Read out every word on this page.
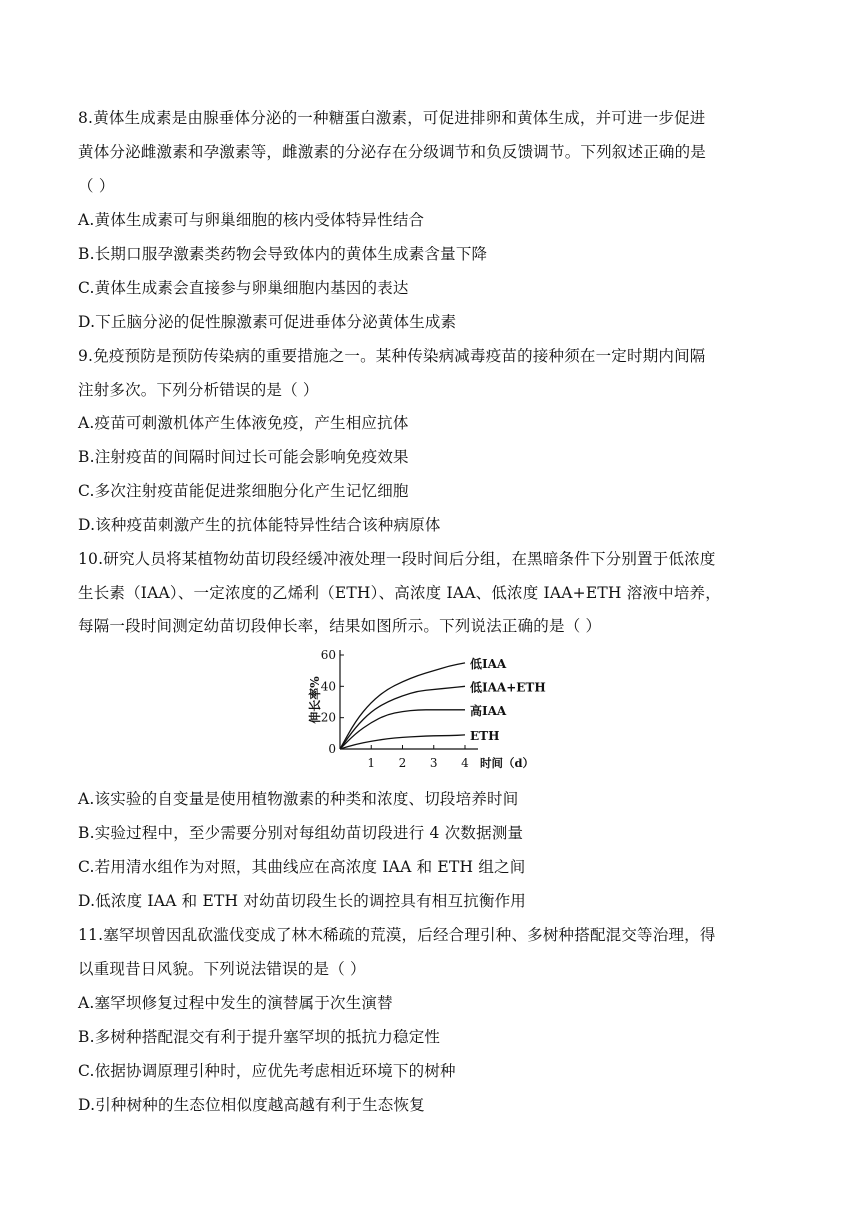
8.黄体生成素是由腺垂体分泌的一种糖蛋白激素，可促进排卵和黄体生成，并可进一步促进
黄体分泌雌激素和孕激素等，雌激素的分泌存在分级调节和负反馈调节。下列叙述正确的是
（ ）
A.黄体生成素可与卵巢细胞的核内受体特异性结合
B.长期口服孕激素类药物会导致体内的黄体生成素含量下降
C.黄体生成素会直接参与卵巢细胞内基因的表达
D.下丘脑分泌的促性腺激素可促进垂体分泌黄体生成素
9.免疫预防是预防传染病的重要措施之一。某种传染病减毒疫苗的接种须在一定时期内间隔
注射多次。下列分析错误的是（ ）
A.疫苗可刺激机体产生体液免疫，产生相应抗体
B.注射疫苗的间隔时间过长可能会影响免疫效果
C.多次注射疫苗能促进浆细胞分化产生记忆细胞
D.该种疫苗刺激产生的抗体能特异性结合该种病原体
10.研究人员将某植物幼苗切段经缓冲液处理一段时间后分组，在黑暗条件下分别置于低浓度
生长素（IAA）、一定浓度的乙烯利（ETH）、高浓度 IAA、低浓度 IAA+ETH 溶液中培养，
每隔一段时间测定幼苗切段伸长率，结果如图所示。下列说法正确的是（ ）
0
20
40
60
1 2 3 4
低IAA
低IAA+ETH
高IAA
ETH
伸长率%
时间（d）
A.该实验的自变量是使用植物激素的种类和浓度、切段培养时间
B.实验过程中，至少需要分别对每组幼苗切段进行 4 次数据测量
C.若用清水组作为对照，其曲线应在高浓度 IAA 和 ETH 组之间
D.低浓度 IAA 和 ETH 对幼苗切段生长的调控具有相互抗衡作用
11.塞罕坝曾因乱砍滥伐变成了林木稀疏的荒漠，后经合理引种、多树种搭配混交等治理，得
以重现昔日风貌。下列说法错误的是（ ）
A.塞罕坝修复过程中发生的演替属于次生演替
B.多树种搭配混交有利于提升塞罕坝的抵抗力稳定性
C.依据协调原理引种时，应优先考虑相近环境下的树种
D.引种树种的生态位相似度越高越有利于生态恢复
